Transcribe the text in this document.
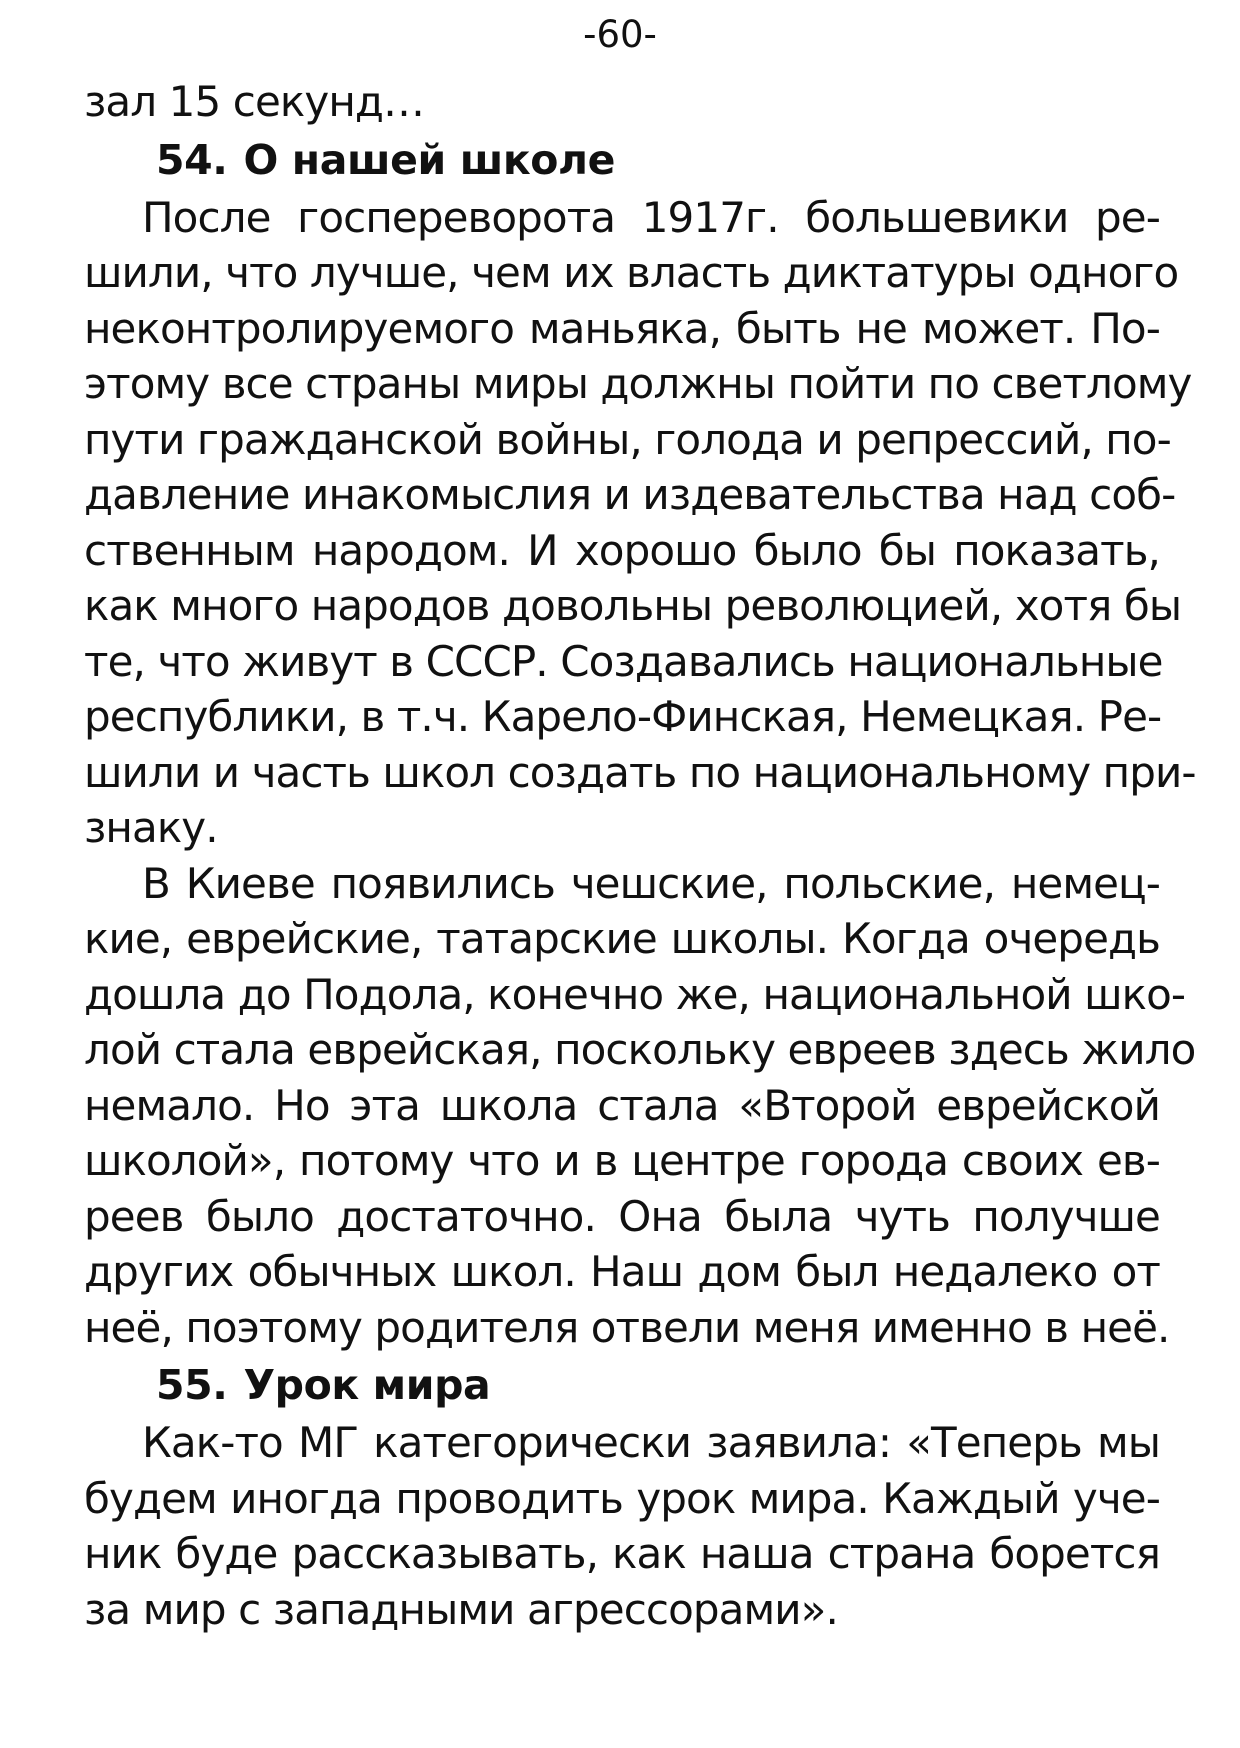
-60-
зал 15 секунд…
54. О нашей школе
После госпереворота 1917г. большевики ре-
шили, что лучше, чем их власть диктатуры одного
неконтролируемого маньяка, быть не может. По-
этому все страны миры должны пойти по светлому
пути гражданской войны, голода и репрессий, по-
давление инакомыслия и издевательства над соб-
ственным народом. И хорошо было бы показать,
как много народов довольны революцией, хотя бы
те, что живут в СССР. Создавались национальные
республики, в т.ч. Карело-Финская, Немецкая. Ре-
шили и часть школ создать по национальному при-
знаку.
В Киеве появились чешские, польские, немец-
кие, еврейские, татарские школы. Когда очередь
дошла до Подола, конечно же, национальной шко-
лой стала еврейская, поскольку евреев здесь жило
немало. Но эта школа стала «Второй еврейской
школой», потому что и в центре города своих ев-
реев было достаточно. Она была чуть получше
других обычных школ. Наш дом был недалеко от
неё, поэтому родителя отвели меня именно в неё.
55. Урок мира
Как-то МГ категорически заявила: «Теперь мы
будем иногда проводить урок мира. Каждый уче-
ник буде рассказывать, как наша страна борется
за мир с западными агрессорами».
